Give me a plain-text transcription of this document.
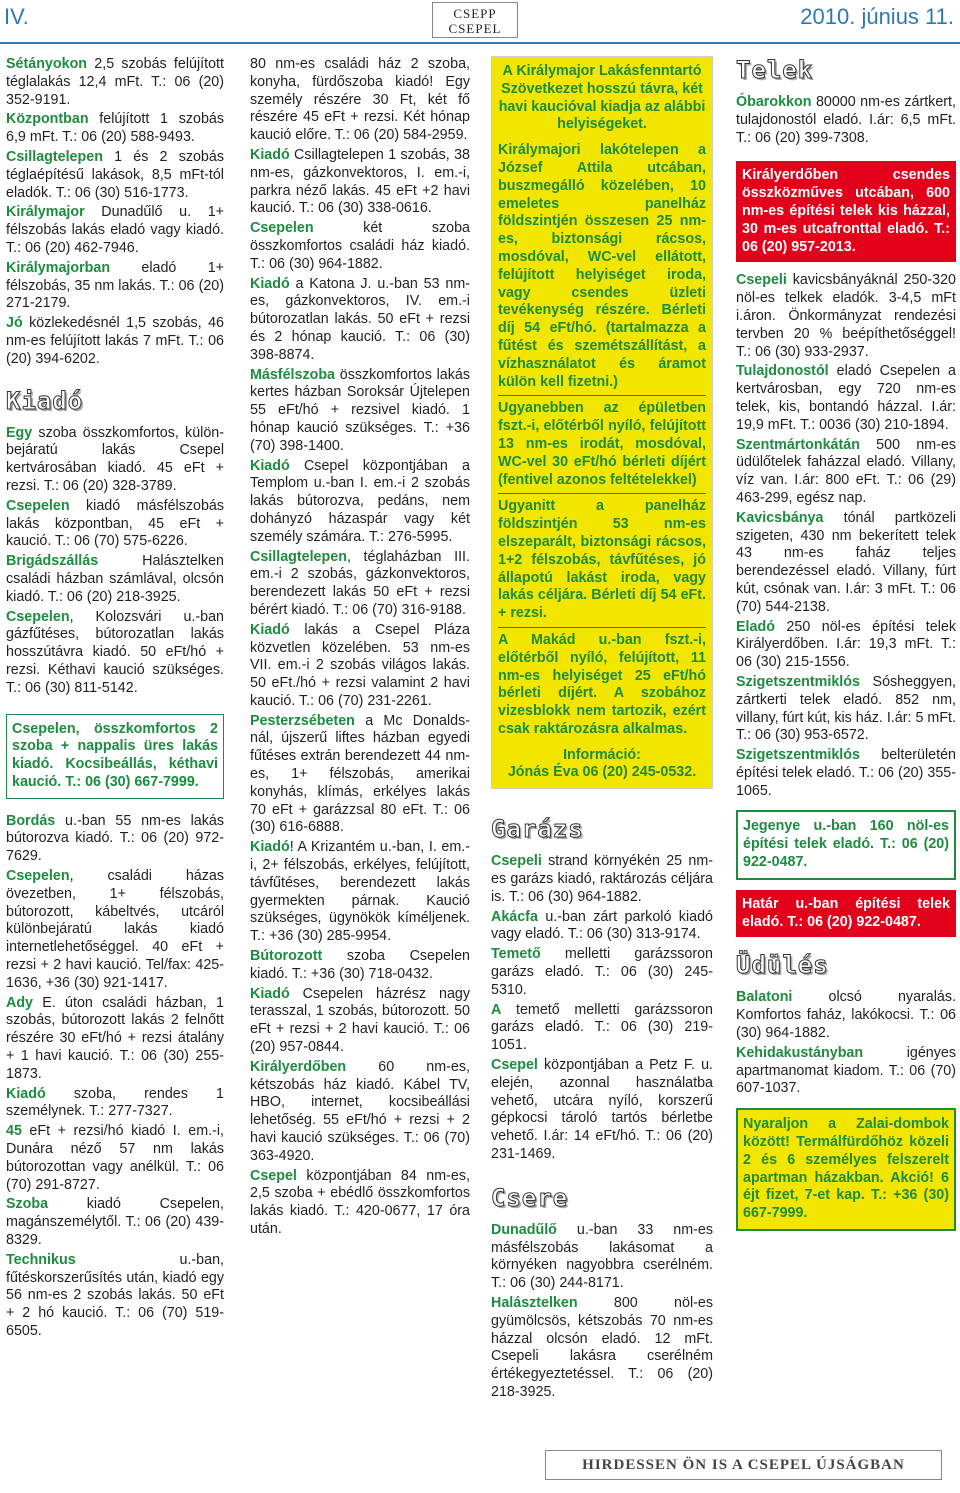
IV.	CSEPP
CSEPEL	2010. június 11.

Sétányokon 2,5 szobás felújított téglalakás 12,4 mFt. T.: 06 (20) 352-9191.

Központban felújított 1 szobás 6,9 mFt. T.: 06 (20) 588-9493.

Csillagtelepen 1 és 2 szobás téglaépítésű lakások, 8,5 mFt-tól eladók. T.: 06 (30) 516-1773.

Királymajor Dunadűlő u. 1+ félszobás lakás eladó vagy kiadó. T.: 06 (20) 462-7946.

Királymajorban eladó 1+ félszobás, 35 nm lakás. T.: 06 (20) 271-2179.

Jó közlekedésnél 1,5 szobás, 46 nm-es felújított lakás 7 mFt. T.: 06 (20) 394-6202.

Kiadó

Egy szoba összkomfortos, külön-bejáratú lakás Csepel kertvárosában kiadó. 45 eFt + rezsi. T.: 06 (20) 328-3789.

Csepelen kiadó másfélszobás lakás központban, 45 eFt + kaució. T.: 06 (70) 575-6226.

Brigádszállás Halásztelken családi házban számlával, olcsón kiadó. T.: 06 (20) 218-3925.

Csepelen, Kolozsvári u.-ban gázfűtéses, bútorozatlan lakás hosszútávra kiadó. 50 eFt/hó + rezsi. Kéthavi kaució szükséges. T.: 06 (30) 811-5142.

Csepelen, összkomfortos 2 szoba + nappalis üres lakás kiadó. Kocsibeállás, kéthavi kaució. T.: 06 (30) 667-7999.

Bordás u.-ban 55 nm-es lakás bútorozva kiadó. T.: 06 (20) 972-7629.

Csepelen, családi házas övezetben, 1+ félszobás, bútorozott, kábeltvés, utcáról különbejáratú lakás kiadó internetlehetőséggel. 40 eFt + rezsi + 2 havi kaució. Tel/fax: 425-1636, +36 (30) 921-1417.

Ady E. úton családi házban, 1 szobás, bútorozott lakás 2 felnőtt részére 30 eFt/hó + rezsi átalány + 1 havi kaució. T.: 06 (30) 255-1873.

Kiadó szoba, rendes 1 személynek. T.: 277-7327.

45 eFt + rezsi/hó kiadó I. em.-i, Dunára néző 57 nm lakás bútorozottan vagy anélkül. T.: 06 (70) 291-8727.

Szoba kiadó Csepelen, magánszemélytől. T.: 06 (20) 439-8329.

Technikus u.-ban, fűtéskorszerűsítés után, kiadó egy 56 nm-es 2 szobás lakás. 50 eFt + 2 hó kaució. T.: 06 (70) 519-6505.

80 nm-es családi ház 2 szoba, konyha, fürdőszoba kiadó! Egy személy részére 30 Ft, két fő részére 45 eFt + rezsi. Két hónap kaució előre. T.: 06 (20) 584-2959.

Kiadó Csillagtelepen 1 szobás, 38 nm-es, gázkonvektoros, I. em.-i, parkra néző lakás. 45 eFt +2 havi kaució. T.: 06 (30) 338-0616.

Csepelen két szoba összkomfortos családi ház kiadó. T.: 06 (30) 964-1882.

Kiadó a Katona J. u.-ban 53 nm-es, gázkonvektoros, IV. em.-i bútorozatlan lakás. 50 eFt + rezsi és 2 hónap kaució. T.: 06 (30) 398-8874.

Másfélszoba összkomfortos lakás kertes házban Soroksár Újtelepen 55 eFt/hó + rezsivel kiadó. 1 hónap kaució szükséges. T.: +36 (70) 398-1400.

Kiadó Csepel központjában a Templom u.-ban I. em.-i 2 szobás lakás bútorozva, pedáns, nem dohányzó házaspár vagy két személy számára. T.: 276-5995.

Csillagtelepen, téglaházban III. em.-i 2 szobás, gázkonvektoros, berendezett lakás 50 eFt + rezsi bérért kiadó. T.: 06 (70) 316-9188.

Kiadó lakás a Csepel Pláza közvetlen közelében. 53 nm-es VII. em.-i 2 szobás világos lakás. 50 eFt./hó + rezsi valamint 2 havi kaució. T.: 06 (70) 231-2261.

Pesterzsébeten a Mc Donalds-nál, újszerű liftes házban egyedi fűtéses extrán berendezett 44 nm-es, 1+ félszobás, amerikai konyhás, klímás, erkélyes lakás 70 eFt + garázzsal 80 eFt. T.: 06 (30) 616-6888.

Kiadó! A Krizantém u.-ban, I. em.-i, 2+ félszobás, erkélyes, felújított, távfűtéses, berendezett lakás gyermekten párnak. Kaució szükséges, ügynökök kíméljenek. T.: +36 (30) 285-9954.

Bútorozott szoba Csepelen kiadó. T.: +36 (30) 718-0432.

Kiadó Csepelen házrész nagy terasszal, 1 szobás, bútorozott. 50 eFt + rezsi + 2 havi kaució. T.: 06 (20) 957-0844.

Királyerdőben 60 nm-es, kétszobás ház kiadó. Kábel TV, HBO, internet, kocsibeállási lehetőség. 55 eFt/hó + rezsi + 2 havi kaució szükséges. T.: 06 (70) 363-4920.

Csepel központjában 84 nm-es, 2,5 szoba + ebédlő összkomfortos lakás kiadó. T.: 420-0677, 17 óra után.

A Királymajor Lakásfenntartó Szövetkezet hosszú távra, két havi kaucióval kiadja az alábbi helyiségeket.

Királymajori lakótelepen a József Attila utcában, buszmegálló közelében, 10 emeletes panelház földszintjén összesen 25 nm-es, biztonsági rácsos, mosdóval, WC-vel ellátott, felújított helyiséget iroda, vagy csendes üzleti tevékenység részére. Bérleti díj 54 eFt/hó. (tartalmazza a fűtést és szemétszállítást, a vízhasználatot és áramot külön kell fizetni.)

Ugyanebben az épületben fszt.-i, előtérből nyíló, felújított 13 nm-es irodát, mosdóval, WC-vel 30 eFt/hó bérleti díjért (fentivel azonos feltételekkel)

Ugyanitt a panelház földszintjén 53 nm-es elszeparált, biztonsági rácsos, 1+2 félszobás, távfűtéses, jó állapotú lakást iroda, vagy lakás céljára. Bérleti díj 54 eFt. + rezsi.

A Makád u.-ban fszt.-i, előtérből nyíló, felújított, 11 nm-es helyiséget 25 eFt/hó bérleti díjért. A szobához vizesblokk nem tartozik, ezért csak raktározásra alkalmas.

Információ:
Jónás Éva 06 (20) 245-0532.
Garázs

Csepeli strand környékén 25 nm-es garázs kiadó, raktározás céljára is. T.: 06 (30) 964-1882.

Akácfa u.-ban zárt parkoló kiadó vagy eladó. T.: 06 (30) 313-9174.

Temető melletti garázssoron garázs eladó. T.: 06 (30) 245-5310.

A temető melletti garázssoron garázs eladó. T.: 06 (30) 219-1051.

Csepel központjában a Petz F. u. elején, azonnal használatba vehető, utcára nyíló, korszerű gépkocsi tároló tartós bérletbe vehető. I.ár: 14 eFt/hó. T.: 06 (20) 231-1469.

Csere

Dunadűlő u.-ban 33 nm-es másfélszobás lakásomat a környéken nagyobbra cserélném. T.: 06 (30) 244-8171.

Halásztelken 800 nöl-es gyümölcsös, kétszobás 70 nm-es házzal olcsón eladó. 12 mFt. Csepeli lakásra cserélném értékegyeztetéssel. T.: 06 (20) 218-3925.

Telek

Óbarokkon 80000 nm-es zártkert, tulajdonostól eladó. I.ár: 6,5 mFt. T.: 06 (20) 399-7308.

Királyerdőben csendes összközműves utcában, 600 nm-es építési telek kis házzal, 30 m-es utcafronttal eladó. T.: 06 (20) 957-2013.

Csepeli kavicsbányáknál 250-320 nöl-es telkek eladók. 3-4,5 mFt i.áron. Önkormányzat rendezési tervben 20 % beépíthetőséggel! T.: 06 (30) 933-2937.

Tulajdonostól eladó Csepelen a kertvárosban, egy 720 nm-es telek, kis, bontandó házzal. I.ár: 19,9 mFt. T.: 0036 (30) 210-1894.

Szentmártonkátán 500 nm-es üdülőtelek faházzal eladó. Villany, víz van. I.ár: 800 eFt. T.: 06 (29) 463-299, egész nap.

Kavicsbánya tónál partközeli szigeten, 430 nm bekerített telek 43 nm-es faház teljes berendezéssel eladó. Villany, fúrt kút, csónak van. I.ár: 3 mFt. T.: 06 (70) 544-2138.

Eladó 250 nöl-es építési telek Királyerdőben. I.ár: 19,3 mFt. T.: 06 (30) 215-1556.

Szigetszentmiklós Sósheggyen, zártkerti telek eladó. 852 nm, villany, fúrt kút, kis ház. I.ár: 5 mFt. T.: 06 (30) 953-6572.

Szigetszentmiklós belterületén építési telek eladó. T.: 06 (20) 355-1065.

Jegenye u.-ban 160 nöl-es építési telek eladó. T.: 06 (20) 922-0487.
Határ u.-ban építési telek eladó. T.: 06 (20) 922-0487.
Üdülés

Balatoni olcsó nyaralás. Komfortos faház, lakókocsi. T.: 06 (30) 964-1882.

Kehidakustányban igényes apartmanomat kiadom. T.: 06 (70) 607-1037.

Nyaraljon a Zalai-dombok között! Termálfürdőhöz közeli 2 és 6 személyes felszerelt apartman házakban. Akció! 6 éjt fizet, 7-et kap. T.: +36 (30) 667-7999.
HIRDESSEN ÖN IS A CSEPEL ÚJSÁGBAN
